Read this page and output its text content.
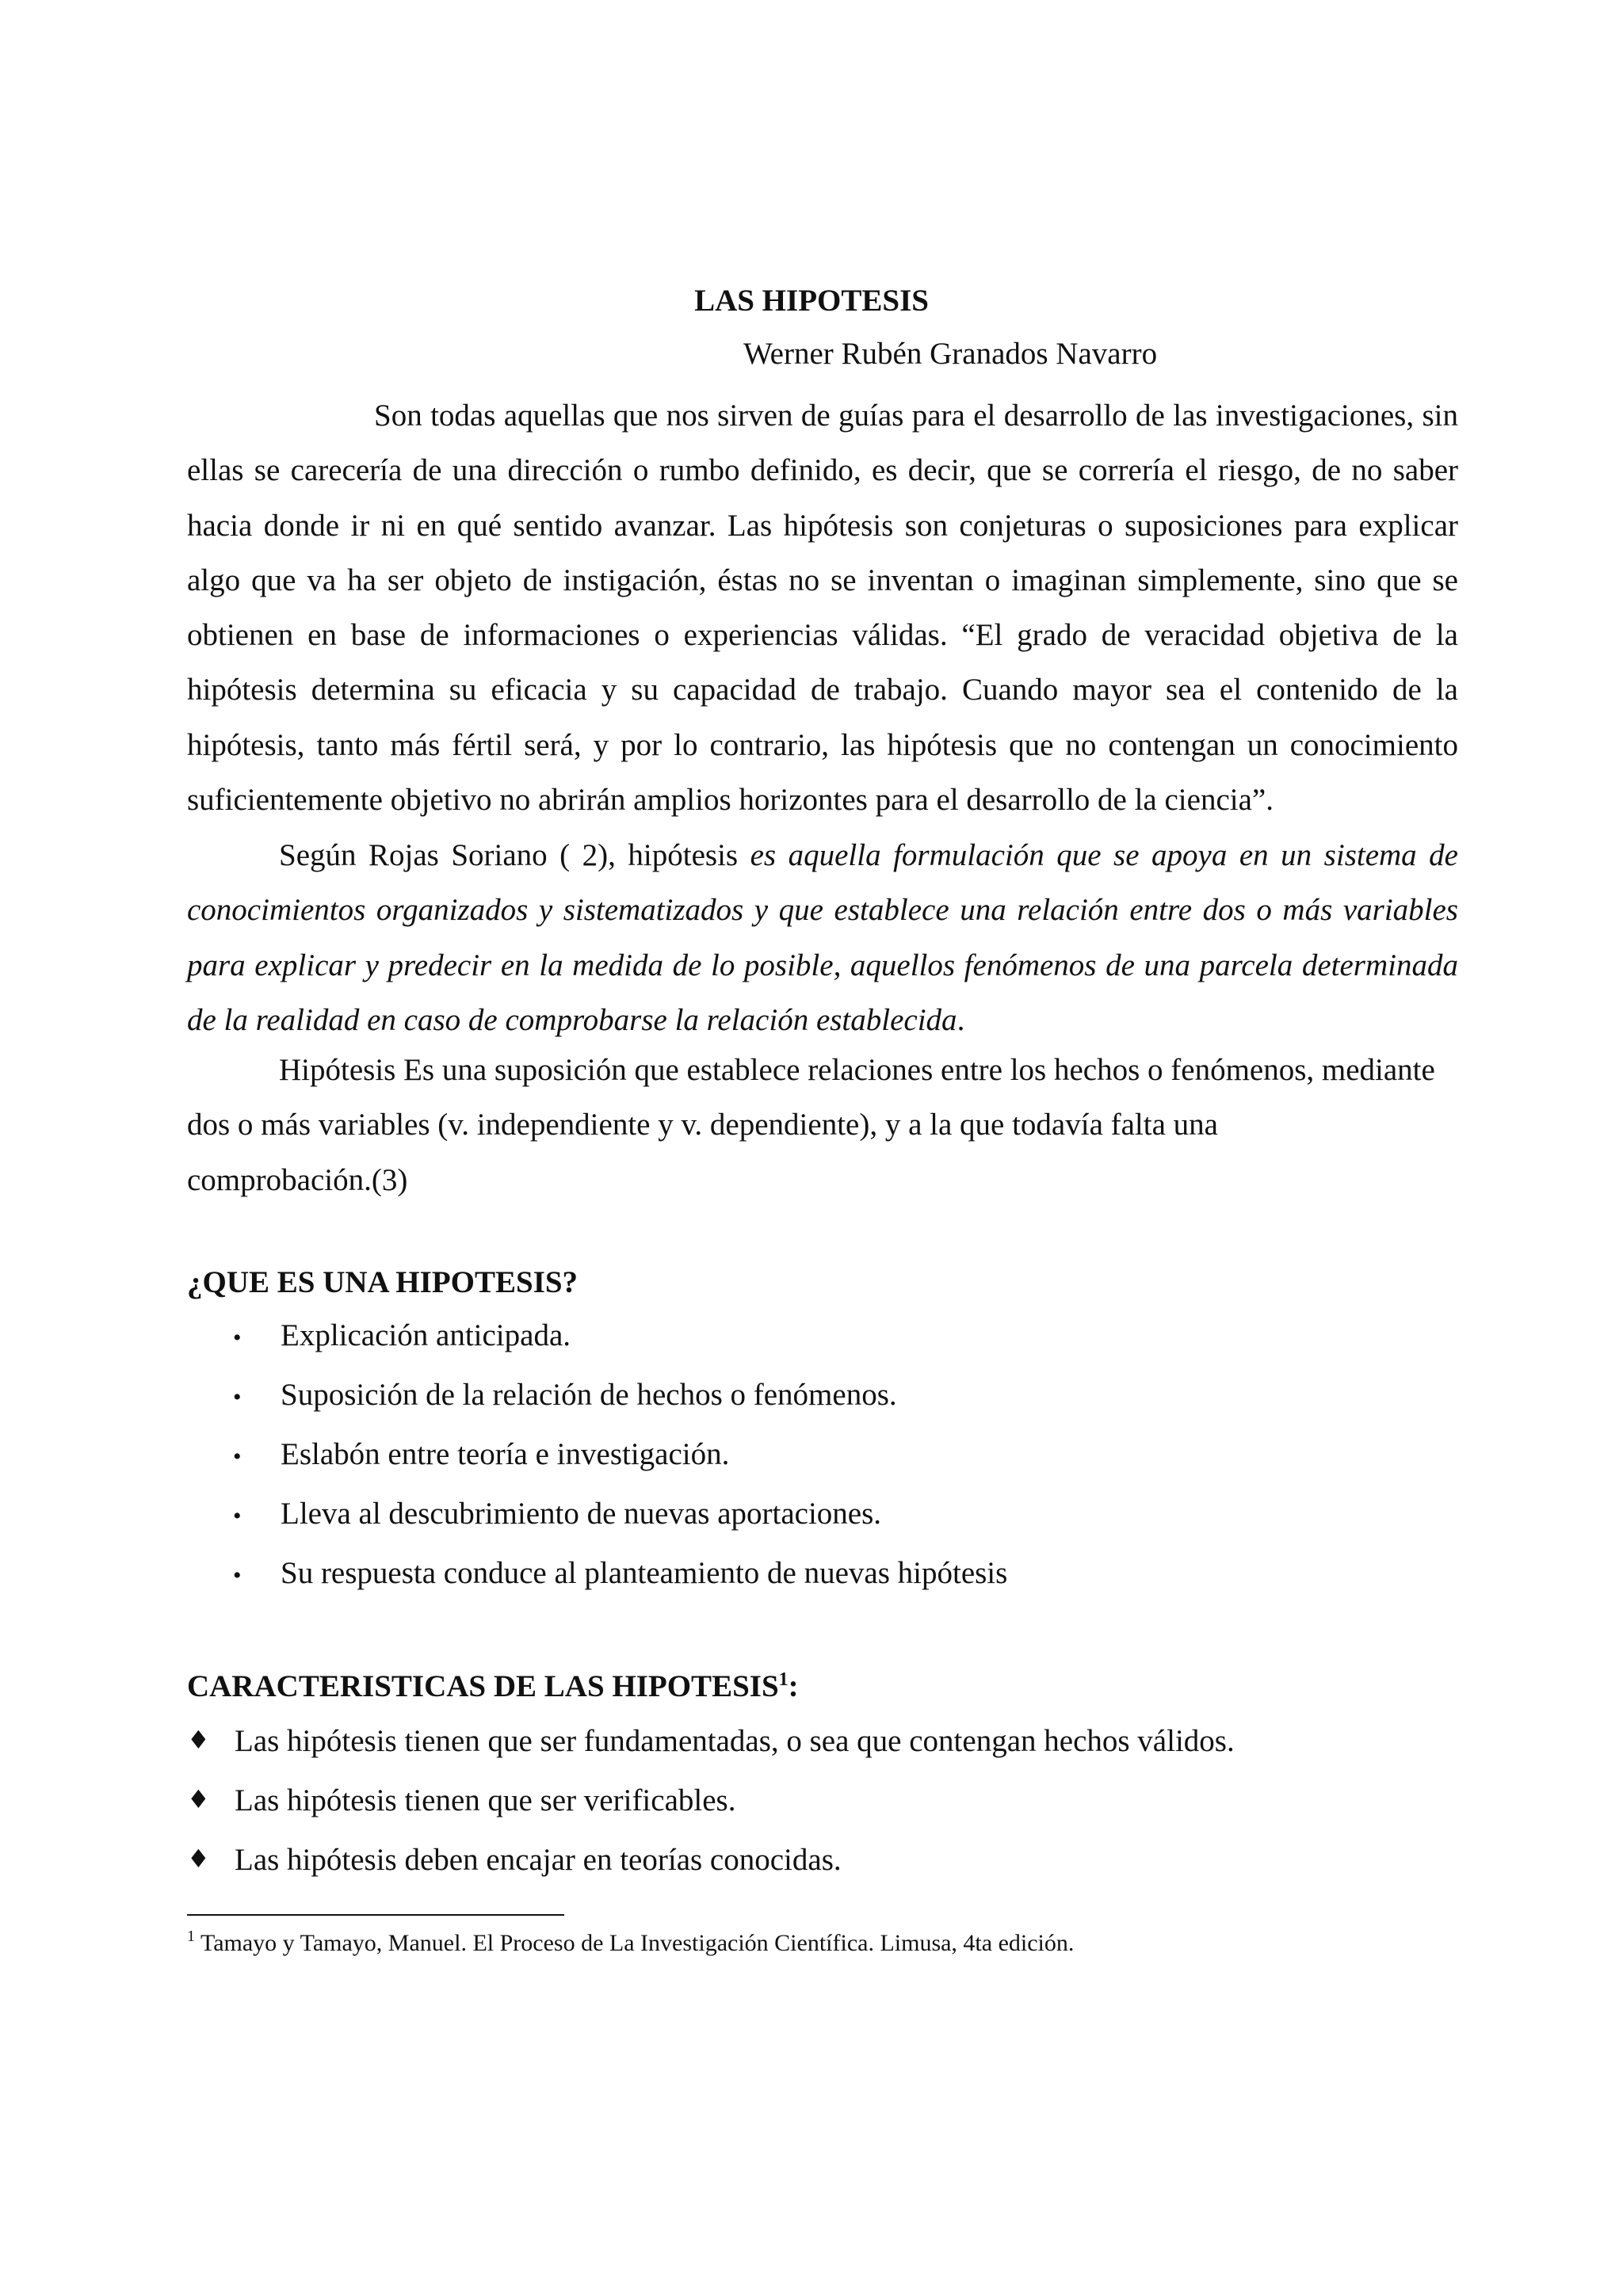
LAS HIPOTESIS

Werner Rubén Granados Navarro

Son todas aquellas que nos sirven de guías para el desarrollo de las investigaciones, sin ellas se carecería de una dirección o rumbo definido, es decir, que se correría el riesgo, de no saber hacia donde ir ni en qué sentido avanzar. Las hipótesis son conjeturas o suposiciones para explicar algo que va ha ser objeto de instigación, éstas no se inventan o imaginan simplemente, sino que se obtienen en base de informaciones o experiencias válidas. “El grado de veracidad objetiva de la hipótesis determina su eficacia y su capacidad de trabajo. Cuando mayor sea el contenido de la hipótesis, tanto más fértil será, y por lo contrario, las hipótesis que no contengan un conocimiento suficientemente objetivo no abrirán amplios horizontes para el desarrollo de la ciencia”.

Según Rojas Soriano ( 2), hipótesis es aquella formulación que se apoya en un sistema de conocimientos organizados y sistematizados y que establece una relación entre dos o más variables para explicar y predecir en la medida de lo posible, aquellos fenómenos de una parcela determinada de la realidad en caso de comprobarse la relación establecida.

Hipótesis Es una suposición que establece relaciones entre los hechos o fenómenos, mediante
dos o más variables (v. independiente y v. dependiente), y a la que todavía falta una
comprobación.(3)

¿QUE ES UNA HIPOTESIS?
• Explicación anticipada.
• Suposición de la relación de hechos o fenómenos.
• Eslabón entre teoría e investigación.
• Lleva al descubrimiento de nuevas aportaciones.
• Su respuesta conduce al planteamiento de nuevas hipótesis
CARACTERISTICAS DE LAS HIPOTESIS$^1$:
♦ Las hipótesis tienen que ser fundamentadas, o sea que contengan hechos válidos.
♦ Las hipótesis tienen que ser verificables.
♦ Las hipótesis deben encajar en teorías conocidas.

$^1$ Tamayo y Tamayo, Manuel. El Proceso de La Investigación Científica. Limusa, 4ta edición.
